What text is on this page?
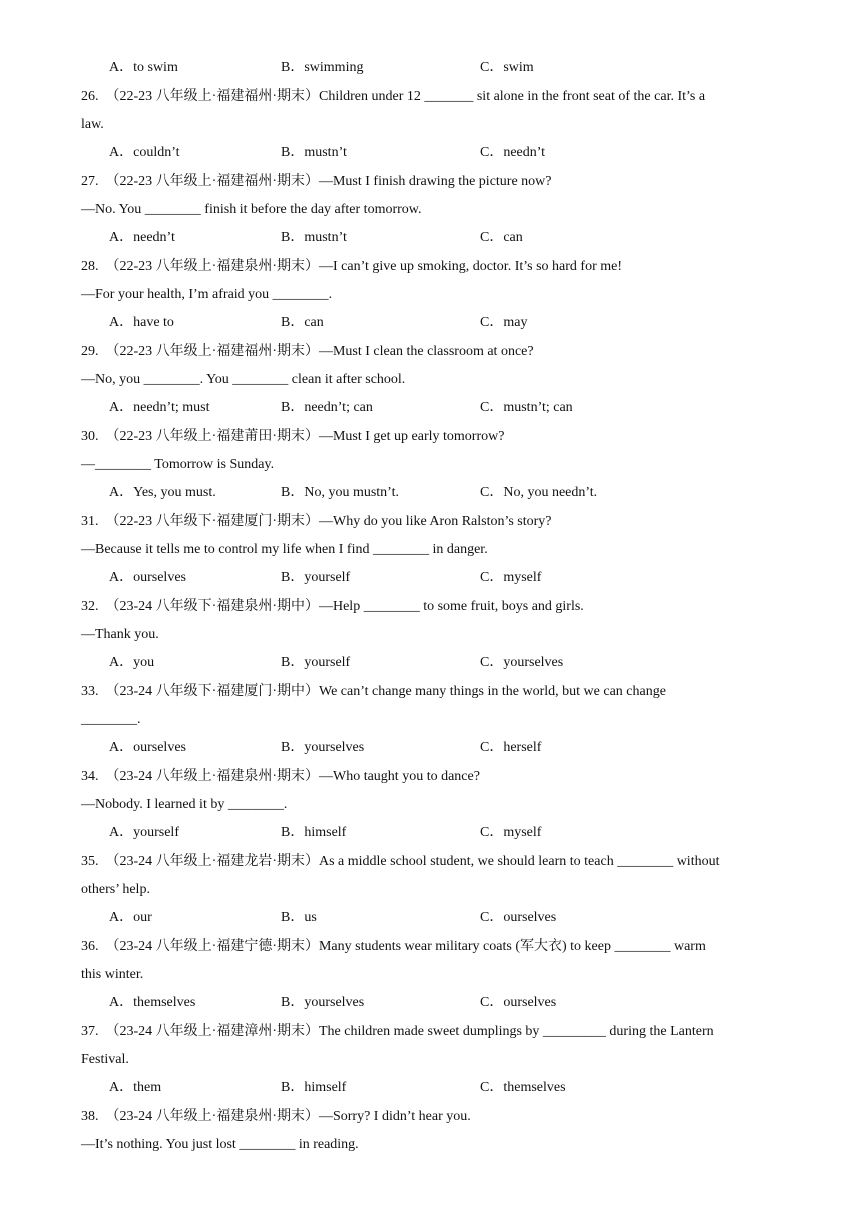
A．to swim	B．swimming	C．swim
26.  （22-23 八年级上·福建福州·期末）Children under 12 _______ sit alone in the front seat of the car. It’s a
law.
A．couldn’t	B．mustn’t	C．needn’t
27.  （22-23 八年级上·福建福州·期末）—Must I finish drawing the picture now?
—No. You ________ finish it before the day after tomorrow.
A．needn’t	B．mustn’t	C．can
28.  （22-23 八年级上·福建泉州·期末）—I can’t give up smoking, doctor. It’s so hard for me!
—For your health, I’m afraid you ________.
A．have to	B．can	C．may
29.  （22-23 八年级上·福建福州·期末）—Must I clean the classroom at once?
—No, you ________. You ________ clean it after school.
A．needn’t; must	B．needn’t; can	C．mustn’t; can
30.  （22-23 八年级上·福建莆田·期末）—Must I get up early tomorrow?
—________ Tomorrow is Sunday.
A．Yes, you must.	B．No, you mustn’t.	C．No, you needn’t.
31.  （22-23 八年级下·福建厦门·期末）—Why do you like Aron Ralston’s story?
—Because it tells me to control my life when I find ________ in danger.
A．ourselves	B．yourself	C．myself
32.  （23-24 八年级下·福建泉州·期中）—Help ________ to some fruit, boys and girls.
—Thank you.
A．you	B．yourself	C．yourselves
33.  （23-24 八年级下·福建厦门·期中）We can’t change many things in the world, but we can change
________.
A．ourselves	B．yourselves	C．herself
34.  （23-24 八年级上·福建泉州·期末）—Who taught you to dance?
—Nobody. I learned it by ________.
A．yourself	B．himself	C．myself
35.  （23-24 八年级上·福建龙岩·期末）As a middle school student, we should learn to teach ________ without
others’ help.
A．our	B．us	C．ourselves
36.  （23-24 八年级上·福建宁德·期末）Many students wear military coats (军大衣) to keep ________ warm
this winter.
A．themselves	B．yourselves	C．ourselves
37.  （23-24 八年级上·福建漳州·期末）The children made sweet dumplings by _________ during the Lantern
Festival.
A．them	B．himself	C．themselves
38.  （23-24 八年级上·福建泉州·期末）—Sorry? I didn’t hear you.
—It’s nothing. You just lost ________ in reading.
